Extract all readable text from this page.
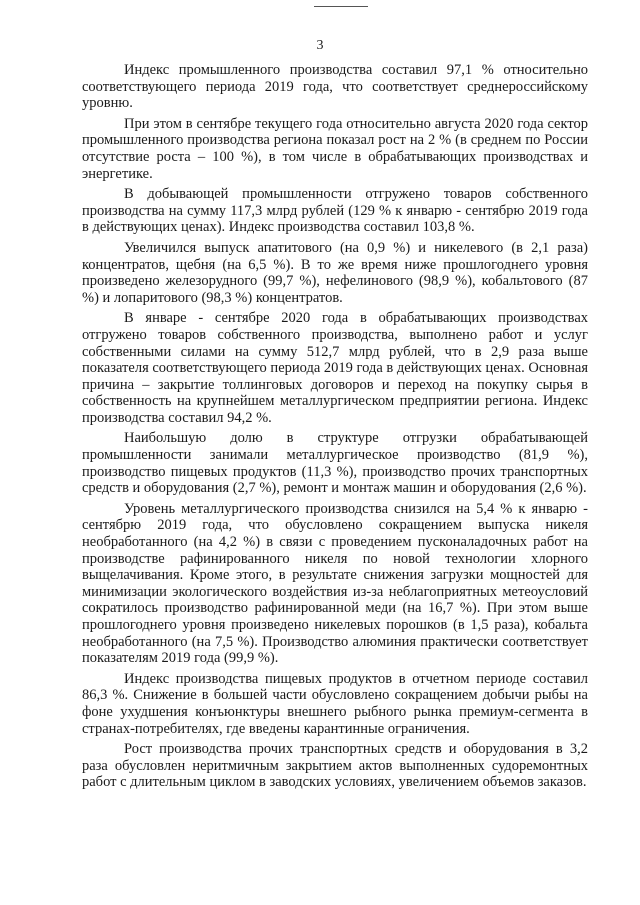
3

Индекс промышленного производства составил 97,1 % относительно соответствующего периода 2019 года, что соответствует среднероссийскому уровню.

При этом в сентябре текущего года относительно августа 2020 года сектор промышленного производства региона показал рост на 2 % (в среднем по России отсутствие роста – 100 %), в том числе в обрабатывающих производствах и энергетике.

В добывающей промышленности отгружено товаров собственного производства на сумму 117,3 млрд рублей (129 % к январю - сентябрю 2019 года в действующих ценах). Индекс производства составил 103,8 %.

Увеличился выпуск апатитового (на 0,9 %) и никелевого (в 2,1 раза) концентратов, щебня (на 6,5 %). В то же время ниже прошлогоднего уровня произведено железорудного (99,7 %), нефелинового (98,9 %), кобальтового (87 %) и лопаритового (98,3 %) концентратов.

В январе - сентябре 2020 года в обрабатывающих производствах отгружено товаров собственного производства, выполнено работ и услуг собственными силами на сумму 512,7 млрд рублей, что в 2,9 раза выше показателя соответствующего периода 2019 года в действующих ценах. Основная причина – закрытие толлинговых договоров и переход на покупку сырья в собственность на крупнейшем металлургическом предприятии региона. Индекс производства составил 94,2 %.

Наибольшую долю в структуре отгрузки обрабатывающей промышленности занимали металлургическое производство (81,9 %), производство пищевых продуктов (11,3 %), производство прочих транспортных средств и оборудования (2,7 %), ремонт и монтаж машин и оборудования (2,6 %).

Уровень металлургического производства снизился на 5,4 % к январю - сентябрю 2019 года, что обусловлено сокращением выпуска никеля необработанного (на 4,2 %) в связи с проведением пусконаладочных работ на производстве рафинированного никеля по новой технологии хлорного выщелачивания. Кроме этого, в результате снижения загрузки мощностей для минимизации экологического воздействия из-за неблагоприятных метеоусловий сократилось производство рафинированной меди (на 16,7 %). При этом выше прошлогоднего уровня произведено никелевых порошков (в 1,5 раза), кобальта необработанного (на 7,5 %). Производство алюминия практически соответствует показателям 2019 года (99,9 %).

Индекс производства пищевых продуктов в отчетном периоде составил 86,3 %. Снижение в большей части обусловлено сокращением добычи рыбы на фоне ухудшения конъюнктуры внешнего рыбного рынка премиум-сегмента в странах-потребителях, где введены карантинные ограничения.

Рост производства прочих транспортных средств и оборудования в 3,2 раза обусловлен неритмичным закрытием актов выполненных судоремонтных работ с длительным циклом в заводских условиях, увеличением объемов заказов.
